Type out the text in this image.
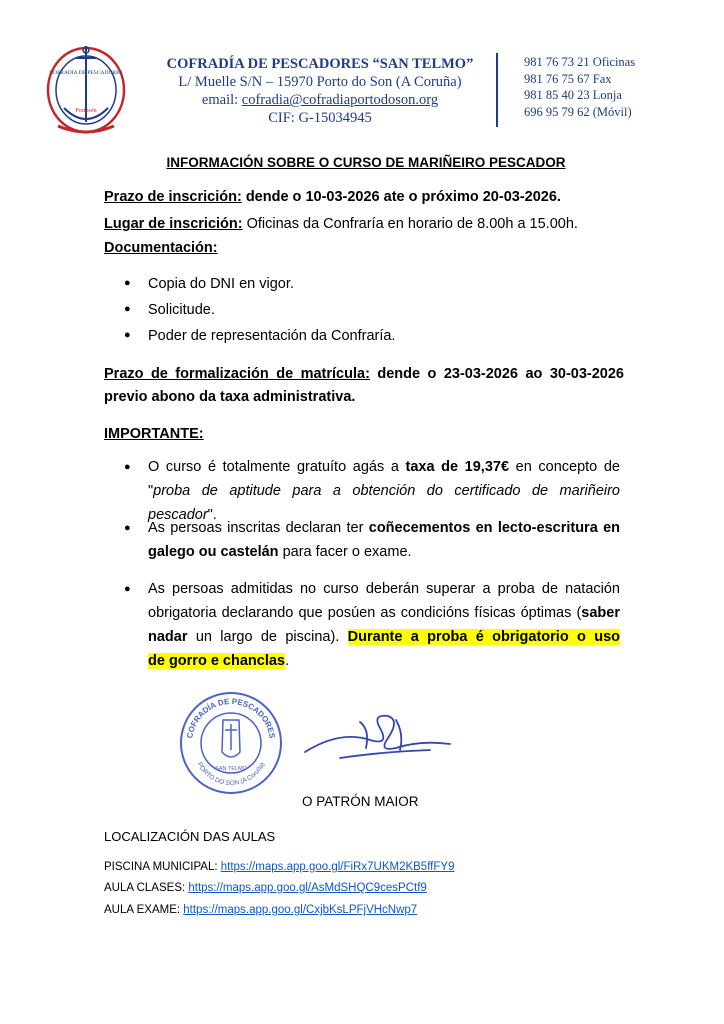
COFRADÍA DE PESCADORES
Portosón
COFRADÍA DE PESCADORES “SAN TELMO”
L/ Muelle S/N – 15970 Porto do Son (A Coruña)
email: cofradia@cofradiaportodoson.org
CIF: G-15034945
981 76 73 21 Oficinas
981 76 75 67 Fax
981 85 40 23 Lonja
696 95 79 62 (Móvil)
INFORMACIÓN SOBRE O CURSO DE MARIÑEIRO PESCADOR
Prazo de inscrición: dende o 10-03-2026 ate o próximo 20-03-2026.
Lugar de inscrición: Oficinas da Confraría en horario de 8.00h a 15.00h.
Documentación:
● Copia do DNI en vigor.
● Solicitude.
● Poder de representación da Confraría.
Prazo de formalización de matrícula: dende o 23-03-2026 ao 30-03-2026
previo abono da taxa administrativa.
IMPORTANTE:
● O curso é totalmente gratuíto agás a taxa de 19,37€ en concepto de
"proba de aptitude para a obtención do certificado de mariñeiro pescador".
● As persoas inscritas declaran ter coñecementos en lecto-escritura en
galego ou castelán para facer o exame.
● As persoas admitidas no curso deberán superar a proba de natación
obrigatoria declarando que posúen as condicións físicas óptimas (saber
nadar un largo de piscina). Durante a proba é obrigatorio o uso
de gorro e chanclas.
COFRADÍA DE PESCADORES
PORTO DO SON (A Coruña)
SAN TELMO
O PATRÓN MAIOR
LOCALIZACIÓN DAS AULAS
PISCINA MUNICIPAL: https://maps.app.goo.gl/FiRx7UKM2KB5ffFY9
AULA CLASES: https://maps.app.goo.gl/AsMdSHQC9cesPCtf9
AULA EXAME: https://maps.app.goo.gl/CxjbKsLPFjVHcNwp7
